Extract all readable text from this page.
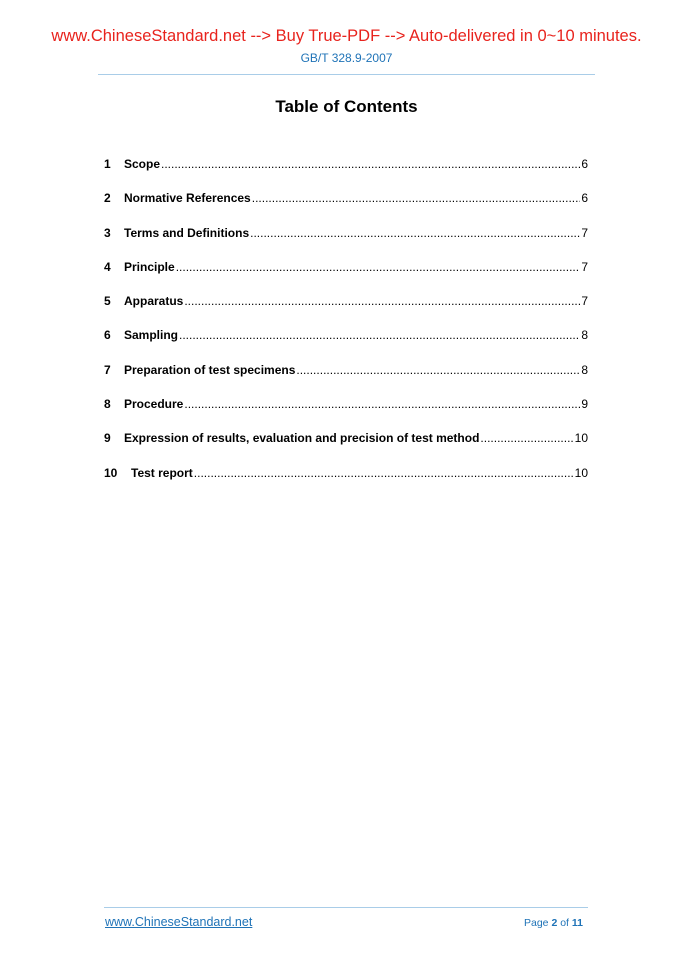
www.ChineseStandard.net --> Buy True-PDF --> Auto-delivered in 0~10 minutes.
GB/T 328.9-2007
Table of Contents
1	Scope .....	6
2	Normative References .....	6
3	Terms and Definitions .....	7
4	Principle .....	7
5	Apparatus .....	7
6	Sampling .....	8
7	Preparation of test specimens .....	8
8	Procedure .....	9
9	Expression of results, evaluation and precision of test method .....	10
10	Test report .....	10
www.ChineseStandard.net	Page 2 of 11
